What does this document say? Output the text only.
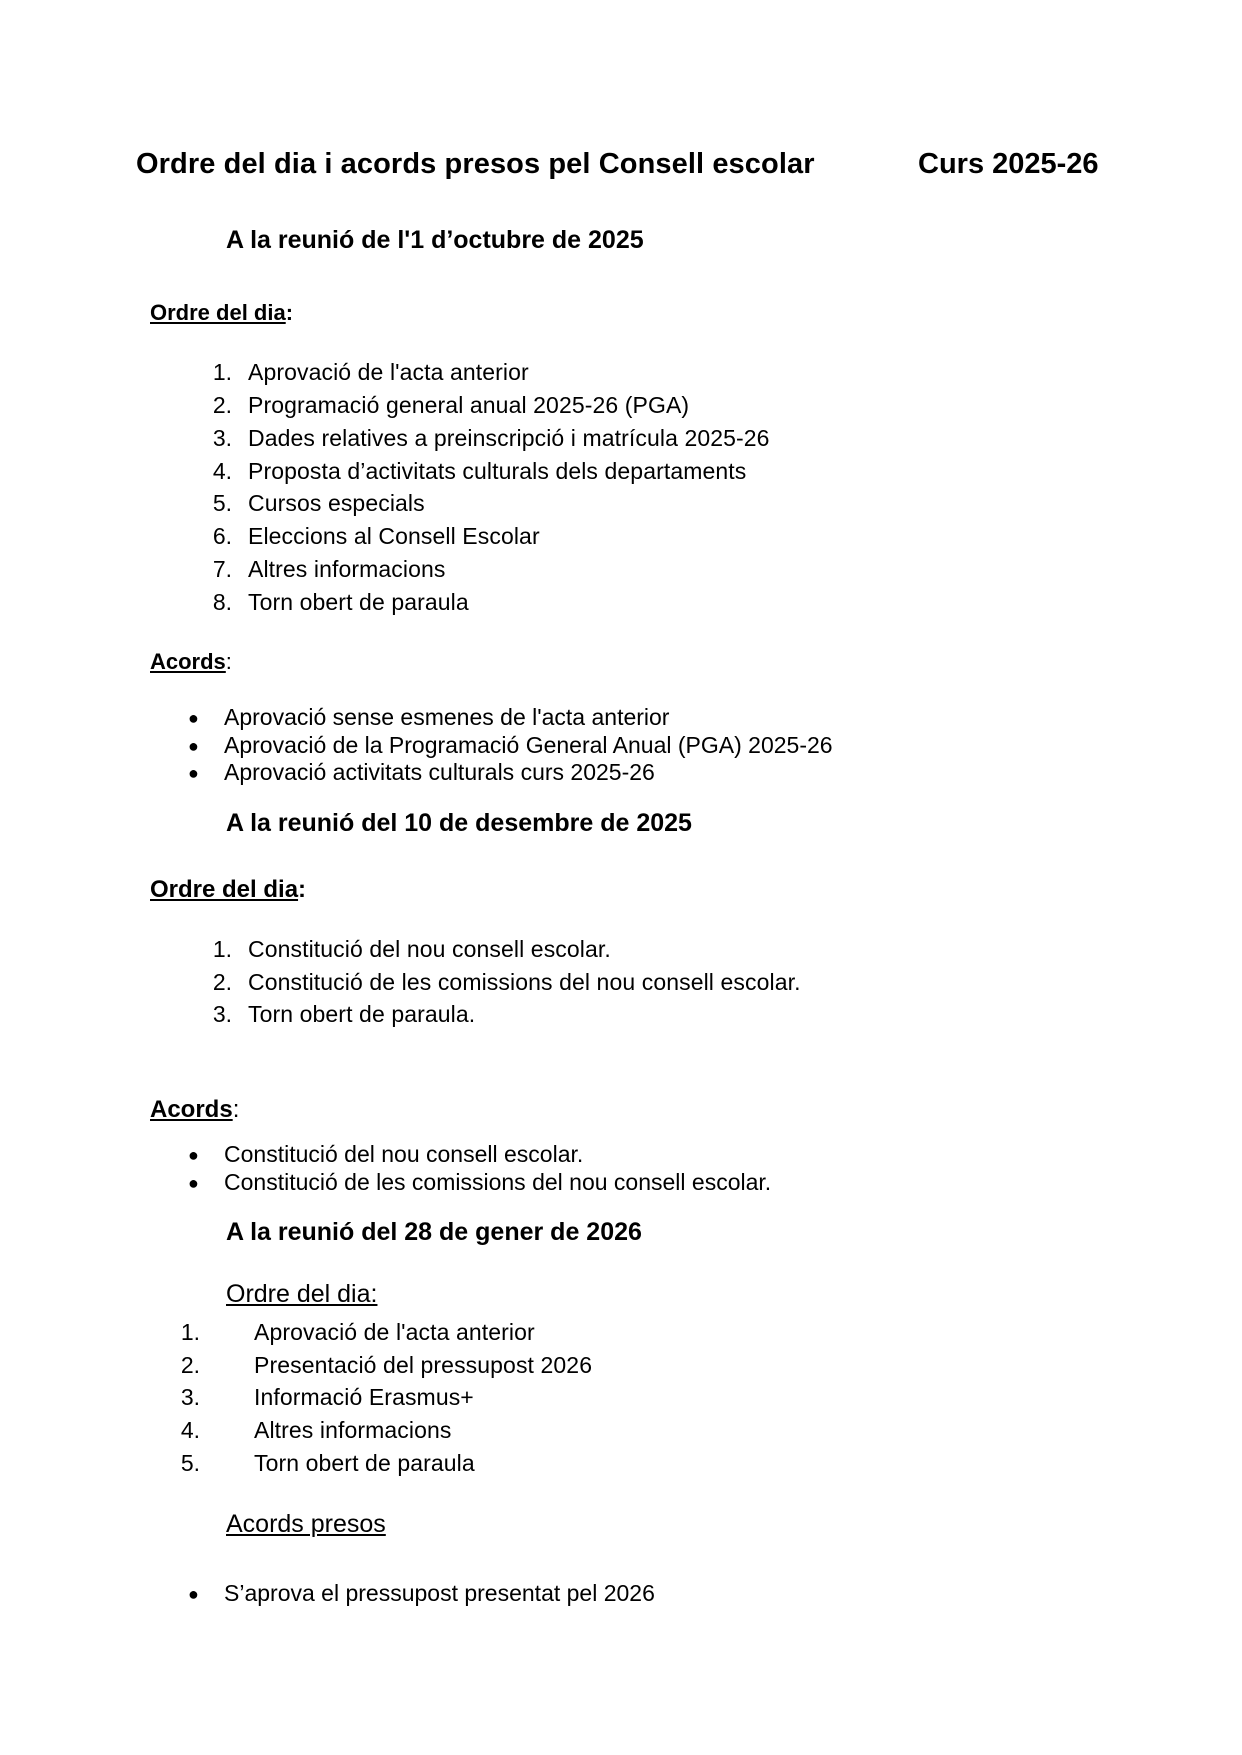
Ordre del dia i acords presos pel Consell escolar	Curs 2025-26
A la reunió de l'1 d’octubre de 2025
Ordre del dia:
1. Aprovació de l'acta anterior
2. Programació general anual 2025-26 (PGA)
3. Dades relatives a preinscripció i matrícula 2025-26
4. Proposta d’activitats culturals dels departaments
5. Cursos especials
6. Eleccions al Consell Escolar
7. Altres informacions
8. Torn obert de paraula
Acords:
● Aprovació sense esmenes de l'acta anterior
● Aprovació de la Programació General Anual (PGA) 2025-26
● Aprovació activitats culturals curs 2025-26
A la reunió del 10 de desembre de 2025
Ordre del dia:
1. Constitució del nou consell escolar.
2. Constitució de les comissions del nou consell escolar.
3. Torn obert de paraula.
Acords:
● Constitució del nou consell escolar.
● Constitució de les comissions del nou consell escolar.
A la reunió del 28 de gener de 2026
Ordre del dia:
1. Aprovació de l'acta anterior
2. Presentació del pressupost 2026
3. Informació Erasmus+
4. Altres informacions
5. Torn obert de paraula
Acords presos
● S’aprova el pressupost presentat pel 2026
